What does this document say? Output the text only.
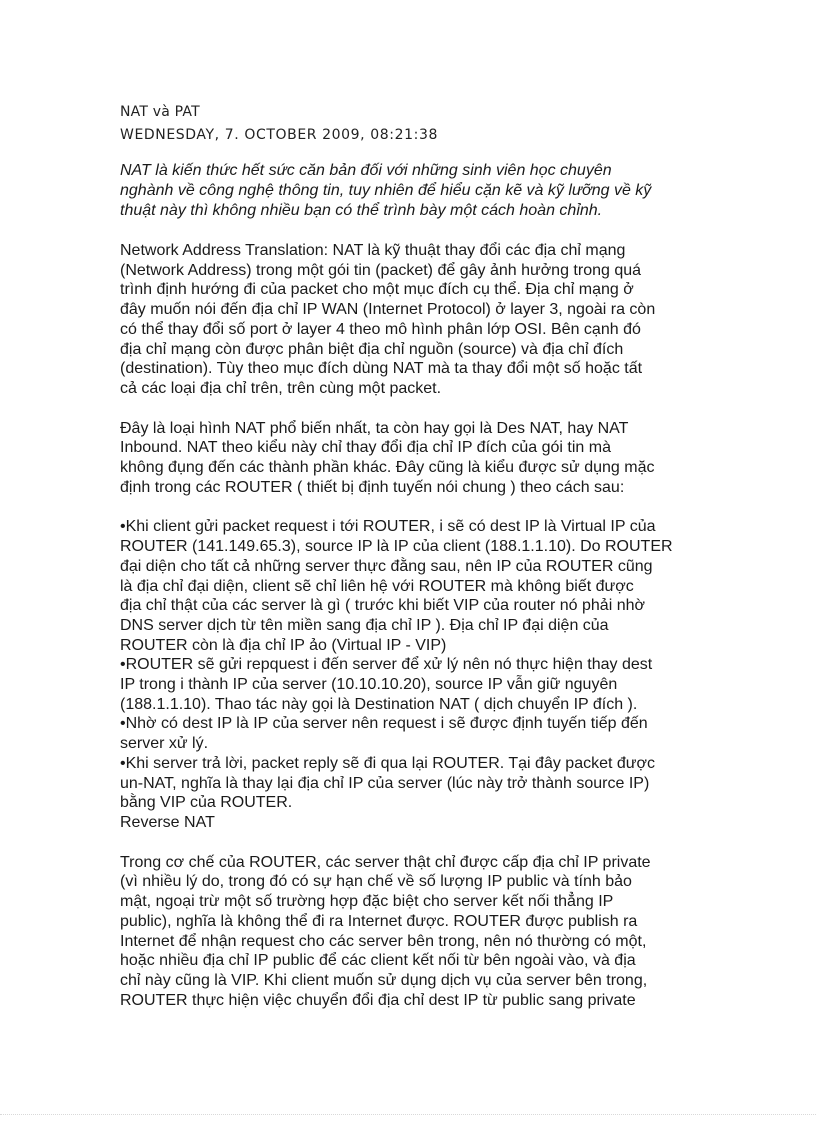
NAT và PAT
WEDNESDAY, 7. OCTOBER 2009, 08:21:38
NAT là kiến thức hết sức căn bản đối với những sinh viên học chuyên
nghành về công nghệ thông tin, tuy nhiên để hiểu cặn kẽ và kỹ lưỡng về kỹ
thuật này thì không nhiều bạn có thể trình bày một cách hoàn chỉnh.
Network Address Translation: NAT là kỹ thuật thay đổi các địa chỉ mạng
(Network Address) trong một gói tin (packet) để gây ảnh hưởng trong quá
trình định hướng đi của packet cho một mục đích cụ thể. Địa chỉ mạng ở
đây muốn nói đến địa chỉ IP WAN (Internet Protocol) ở layer 3, ngoài ra còn
có thể thay đổi số port ở layer 4 theo mô hình phân lớp OSI. Bên cạnh đó
địa chỉ mạng còn được phân biệt địa chỉ nguồn (source) và địa chỉ đích
(destination). Tùy theo mục đích dùng NAT mà ta thay đổi một số hoặc tất
cả các loại địa chỉ trên, trên cùng một packet.
Đây là loại hình NAT phổ biến nhất, ta còn hay gọi là Des NAT, hay NAT
Inbound. NAT theo kiểu này chỉ thay đổi địa chỉ IP đích của gói tin mà
không đụng đến các thành phần khác. Đây cũng là kiểu được sử dụng mặc
định trong các ROUTER ( thiết bị định tuyến nói chung ) theo cách sau:
•Khi client gửi packet request i tới ROUTER, i sẽ có dest IP là Virtual IP của
ROUTER (141.149.65.3), source IP là IP của client (188.1.1.10). Do ROUTER
đại diện cho tất cả những server thực đằng sau, nên IP của ROUTER cũng
là địa chỉ đại diện, client sẽ chỉ liên hệ với ROUTER mà không biết được
địa chỉ thật của các server là gì ( trước khi biết VIP của router nó phải nhờ
DNS server dịch từ tên miền sang địa chỉ IP ). Địa chỉ IP đại diện của
ROUTER còn là địa chỉ IP ảo (Virtual IP - VIP)
•ROUTER sẽ gửi repquest i đến server để xử lý nên nó thực hiện thay dest
IP trong i thành IP của server (10.10.10.20), source IP vẫn giữ nguyên
(188.1.1.10). Thao tác này gọi là Destination NAT ( dịch chuyển IP đích ).
•Nhờ có dest IP là IP của server nên request i sẽ được định tuyến tiếp đến
server xử lý.
•Khi server trả lời, packet reply sẽ đi qua lại ROUTER. Tại đây packet được
un-NAT, nghĩa là thay lại địa chỉ IP của server (lúc này trở thành source IP)
bằng VIP của ROUTER.
Reverse NAT
Trong cơ chế của ROUTER, các server thật chỉ được cấp địa chỉ IP private
(vì nhiều lý do, trong đó có sự hạn chế về số lượng IP public và tính bảo
mật, ngoại trừ một số trường hợp đặc biệt cho server kết nối thẳng IP
public), nghĩa là không thể đi ra Internet được. ROUTER được publish ra
Internet để nhận request cho các server bên trong, nên nó thường có một,
hoặc nhiều địa chỉ IP public để các client kết nối từ bên ngoài vào, và địa
chỉ này cũng là VIP. Khi client muốn sử dụng dịch vụ của server bên trong,
ROUTER thực hiện việc chuyển đổi địa chỉ dest IP từ public sang private
